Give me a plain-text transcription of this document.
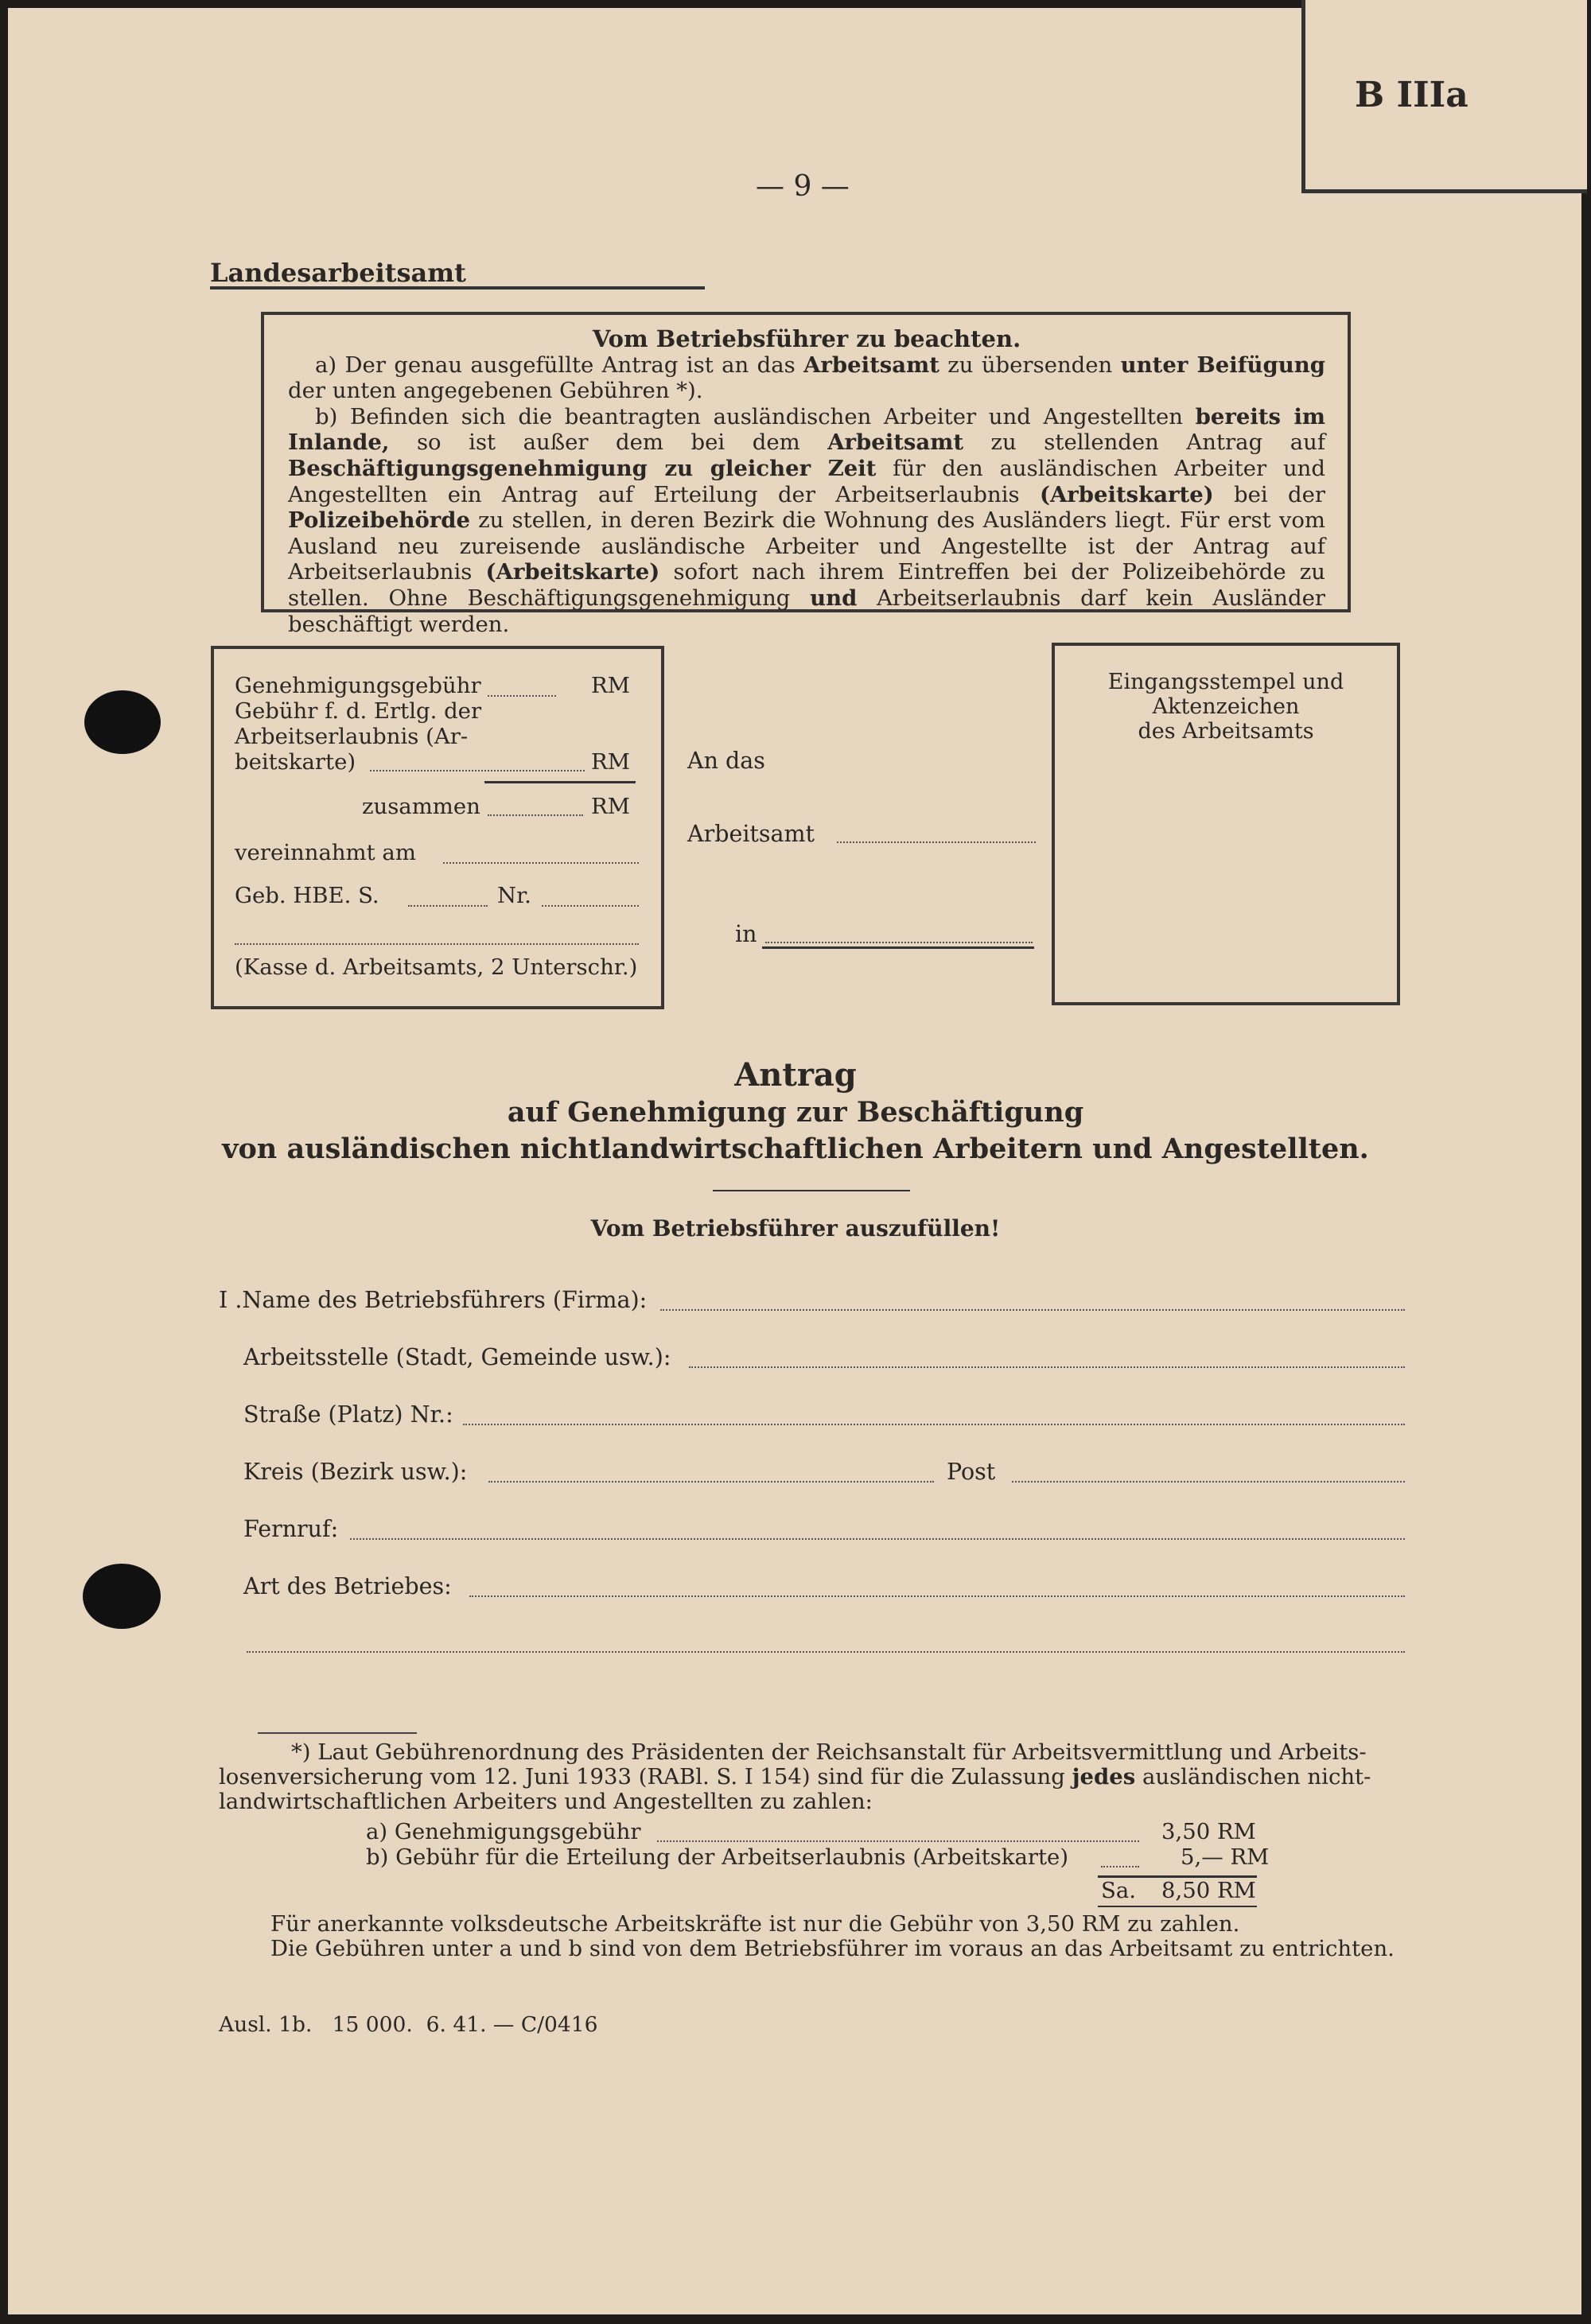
B IIIa
— 9 —
Landesarbeitsamt
Vom Betriebsführer zu beachten.

a) Der genau ausgefüllte Antrag ist an das Arbeitsamt zu übersenden unter Beifügung der unten angegebenen Gebühren *).

b) Befinden sich die beantragten ausländischen Arbeiter und Angestellten bereits im Inlande, so ist außer dem bei dem Arbeitsamt zu stellenden Antrag auf Beschäftigungsgenehmigung zu gleicher Zeit für den ausländischen Arbeiter und Angestellten ein Antrag auf Erteilung der Arbeitserlaubnis (Arbeitskarte) bei der Polizeibehörde zu stellen, in deren Bezirk die Wohnung des Ausländers liegt. Für erst vom Ausland neu zureisende ausländische Arbeiter und Angestellte ist der Antrag auf Arbeitserlaubnis (Arbeitskarte) sofort nach ihrem Eintreffen bei der Polizeibehörde zu stellen. Ohne Beschäftigungsgenehmigung und Arbeitserlaubnis darf kein Ausländer beschäftigt werden.

Genehmigungsgebühr	RM
Gebühr f. d. Ertlg. der
Arbeitserlaubnis (Ar-
beitskarte)	RM
zusammen	RM
vereinnahmt am
Geb. HBE. S.	Nr.
(Kasse d. Arbeitsamts, 2 Unterschr.)
An das
Arbeitsamt
in
Eingangsstempel und
Aktenzeichen
des Arbeitsamts
Antrag
auf Genehmigung zur Beschäftigung
von ausländischen nichtlandwirtschaftlichen Arbeitern und Angestellten.
Vom Betriebsführer auszufüllen!
I .Name des Betriebsführers (Firma):
Arbeitsstelle (Stadt, Gemeinde usw.):
Straße (Platz) Nr.:
Kreis (Bezirk usw.):	Post
Fernruf:
Art des Betriebes:
*) Laut Gebührenordnung des Präsidenten der Reichsanstalt für Arbeitsvermittlung und Arbeits-
losenversicherung vom 12. Juni 1933 (RABl. S. I 154) sind für die Zulassung jedes ausländischen nicht-
landwirtschaftlichen Arbeiters und Angestellten zu zahlen:
a) Genehmigungsgebühr	3,50 RM
b) Gebühr für die Erteilung der Arbeitserlaubnis (Arbeitskarte)	5,— RM
Sa. 8,50 RM
Für anerkannte volksdeutsche Arbeitskräfte ist nur die Gebühr von 3,50 RM zu zahlen.
Die Gebühren unter a und b sind von dem Betriebsführer im voraus an das Arbeitsamt zu entrichten.
Ausl. 1b.   15 000.  6. 41. — C/0416
